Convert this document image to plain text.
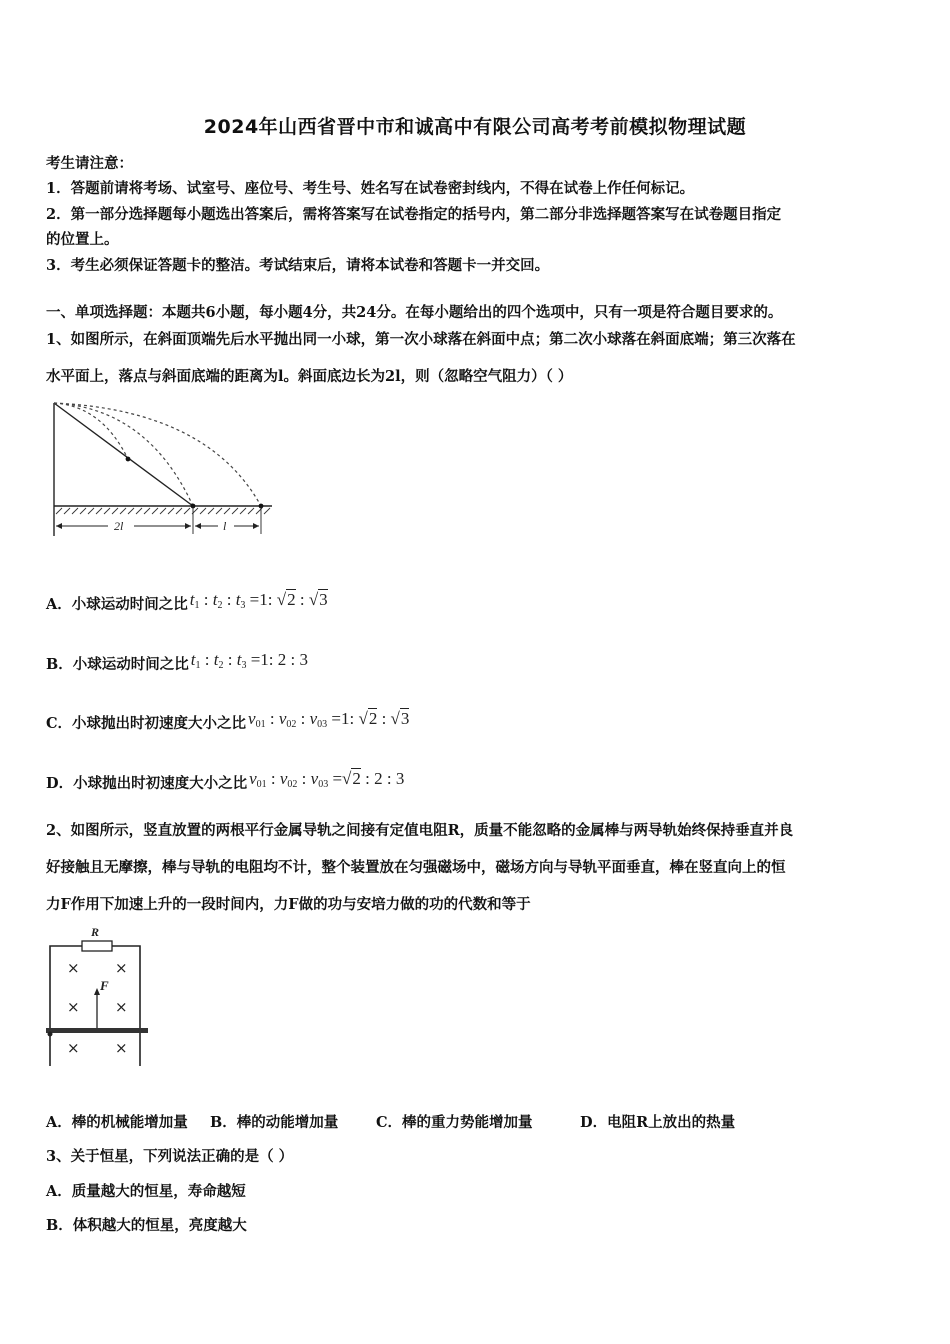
2024年山西省晋中市和诚高中有限公司高考考前模拟物理试题
考生请注意：
1．答题前请将考场、试室号、座位号、考生号、姓名写在试卷密封线内，不得在试卷上作任何标记。
2．第一部分选择题每小题选出答案后，需将答案写在试卷指定的括号内，第二部分非选择题答案写在试卷题目指定
的位置上。
3．考生必须保证答题卡的整洁。考试结束后，请将本试卷和答题卡一并交回。
一、单项选择题：本题共6小题，每小题4分，共24分。在每小题给出的四个选项中，只有一项是符合题目要求的。
1、如图所示，在斜面顶端先后水平抛出同一小球，第一次小球落在斜面中点；第二次小球落在斜面底端；第三次落在
水平面上，落点与斜面底端的距离为l。斜面底边长为2l，则（忽略空气阻力）（ ）
2l	l
A．小球运动时间之比 $t_1$ : $t_2$ : $t_3 =1$: √2 : √3
B．小球运动时间之比 $t_1$ : $t_2$ : $t_3 =1$: 2 : 3
C．小球抛出时初速度大小之比 $v_{01}$ : $v_{02}$ : $v_{03} =1$: √2 : √3
D．小球抛出时初速度大小之比 $v_{01}$ : $v_{02}$ : $v_{03} =√2$ : 2 : 3
2、如图所示，竖直放置的两根平行金属导轨之间接有定值电阻R，质量不能忽略的金属棒与两导轨始终保持垂直并良
好接触且无摩擦，棒与导轨的电阻均不计，整个装置放在匀强磁场中，磁场方向与导轨平面垂直，棒在竖直向上的恒
力F作用下加速上升的一段时间内，力F做的功与安培力做的功的代数和等于
R
× ×
× ×
× ×
F
A．棒的机械能增加量 B．棒的动能增加量	C．棒的重力势能增加量	D．电阻R上放出的热量
3、关于恒星，下列说法正确的是（ ）
A．质量越大的恒星，寿命越短
B．体积越大的恒星，亮度越大
